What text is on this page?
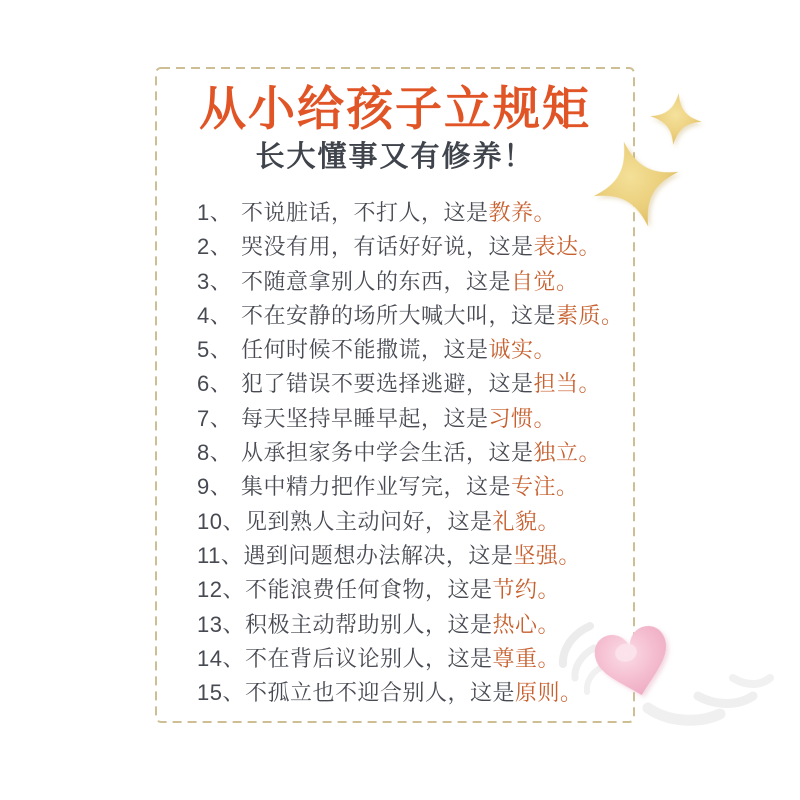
从小给孩子立规矩
长大懂事又有修养！
1、 不说脏话，不打人，这是教养。
2、 哭没有用，有话好好说，这是表达。
3、 不随意拿别人的东西，这是自觉。
4、 不在安静的场所大喊大叫，这是素质。
5、 任何时候不能撒谎，这是诚实。
6、 犯了错误不要选择逃避，这是担当。
7、 每天坚持早睡早起，这是习惯。
8、 从承担家务中学会生活，这是独立。
9、 集中精力把作业写完，这是专注。
10、见到熟人主动问好，这是礼貌。
11、遇到问题想办法解决，这是坚强。
12、不能浪费任何食物，这是节约。
13、积极主动帮助别人，这是热心。
14、不在背后议论别人，这是尊重。
15、不孤立也不迎合别人，这是原则。
